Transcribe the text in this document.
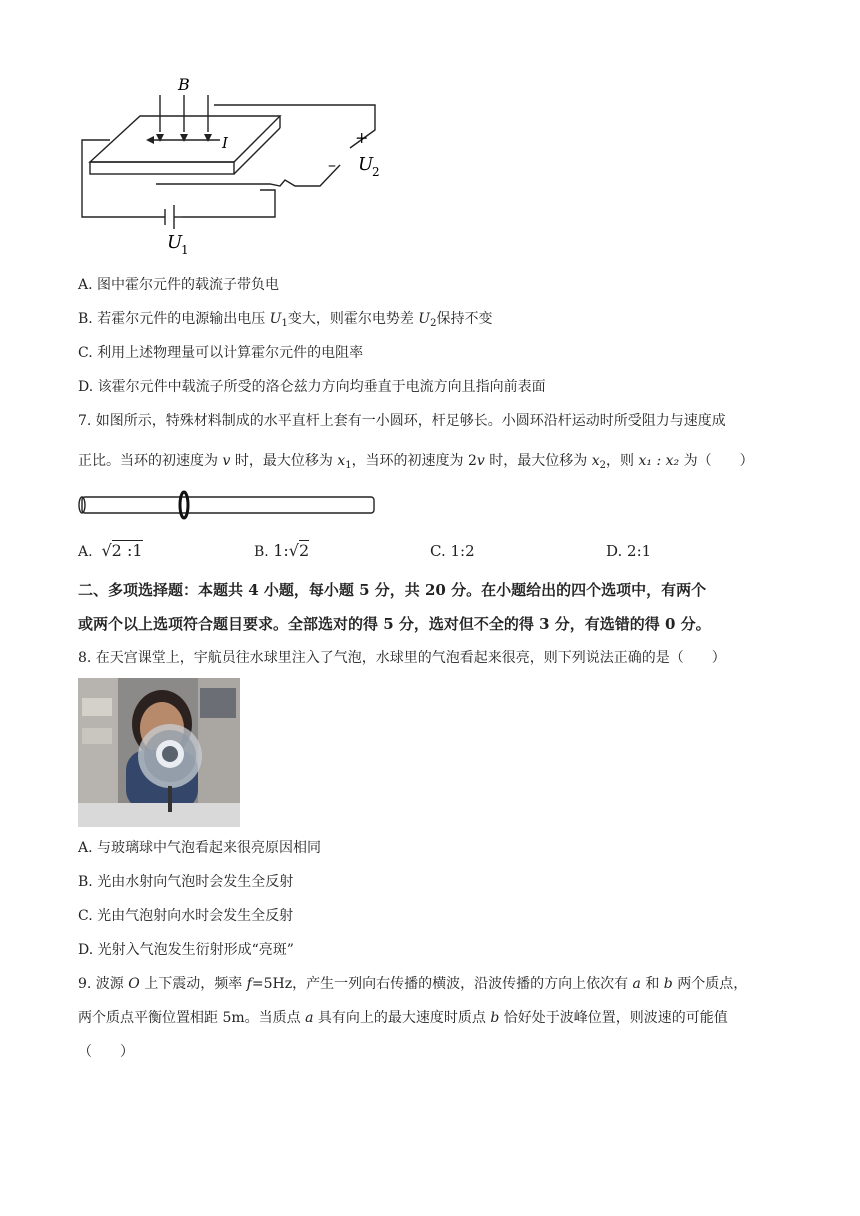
B
I	+
– U
2
U
1
A. 图中霍尔元件的载流子带负电
B. 若霍尔元件的电源输出电压 $U_1$变大，则霍尔电势差 $U_2$保持不变
C. 利用上述物理量可以计算霍尔元件的电阻率
D. 该霍尔元件中载流子所受的洛仑兹力方向均垂直于电流方向且指向前表面
7. 如图所示，特殊材料制成的水平直杆上套有一小圆环，杆足够长。小圆环沿杆运动时所受阻力与速度成
正比。当环的初速度为 v 时，最大位移为 $x_1$，当环的初速度为 2v 时，最大位移为 $x_2$，则 x₁ : x₂ 为（　　）
A. √2 :1	B. 1:√2	C. 1:2	D. 2:1
二、多项选择题：本题共 4 小题，每小题 5 分，共 20 分。在小题给出的四个选项中，有两个
或两个以上选项符合题目要求。全部选对的得 5 分，选对但不全的得 3 分，有选错的得 0 分。
8. 在天宫课堂上，宇航员往水球里注入了气泡，水球里的气泡看起来很亮，则下列说法正确的是（　　）
A. 与玻璃球中气泡看起来很亮原因相同
B. 光由水射向气泡时会发生全反射
C. 光由气泡射向水时会发生全反射
D. 光射入气泡发生衍射形成“亮斑”
9. 波源 O 上下震动，频率 f=5Hz，产生一列向右传播的横波，沿波传播的方向上依次有 a 和 b 两个质点，
两个质点平衡位置相距 5m。当质点 a 具有向上的最大速度时质点 b 恰好处于波峰位置，则波速的可能值
（　　）
